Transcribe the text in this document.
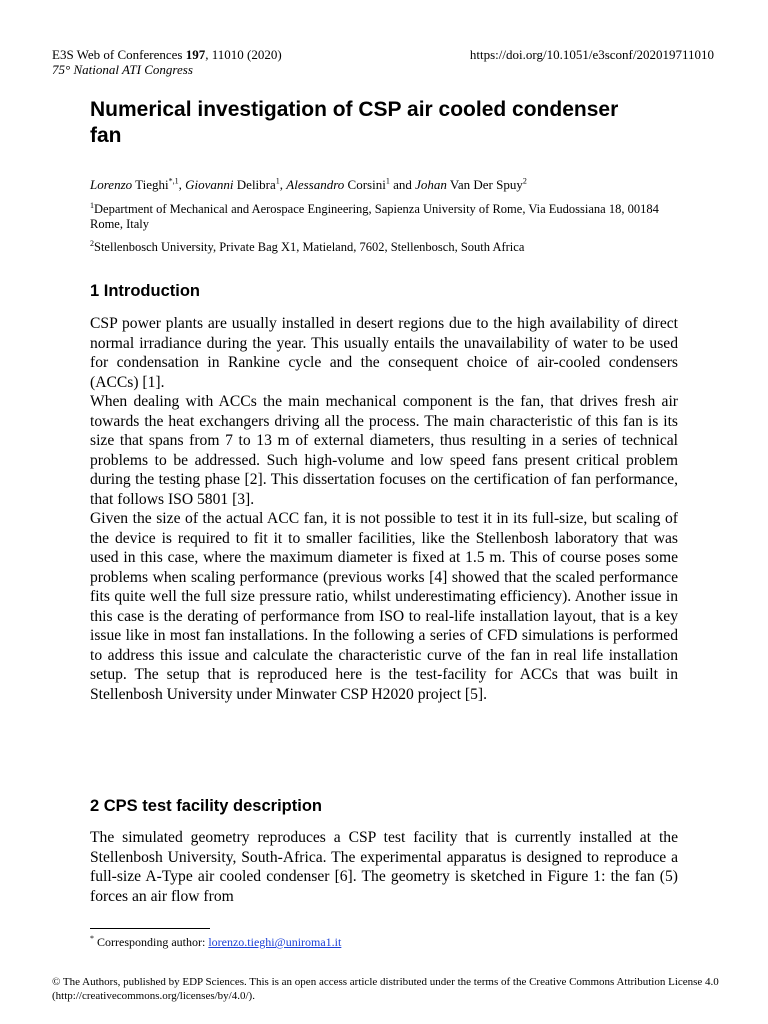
E3S Web of Conferences 197, 11010 (2020)
75° National ATI Congress
https://doi.org/10.1051/e3sconf/202019711010
Numerical investigation of CSP air cooled condenser fan
Lorenzo Tieghi$^{*,1}$, Giovanni Delibra$^1$, Alessandro Corsini$^1$ and Johan Van Der Spuy$^2$
$^1$Department of Mechanical and Aerospace Engineering, Sapienza University of Rome, Via Eudossiana 18, 00184 Rome, Italy
$^2$Stellenbosch University, Private Bag X1, Matieland, 7602, Stellenbosch, South Africa
1 Introduction

CSP power plants are usually installed in desert regions due to the high availability of direct normal irradiance during the year. This usually entails the unavailability of water to be used for condensation in Rankine cycle and the consequent choice of air-cooled condensers (ACCs) [1].

When dealing with ACCs the main mechanical component is the fan, that drives fresh air towards the heat exchangers driving all the process. The main characteristic of this fan is its size that spans from 7 to 13 m of external diameters, thus resulting in a series of technical problems to be addressed. Such high-volume and low speed fans present critical problem during the testing phase [2]. This dissertation focuses on the certification of fan performance, that follows ISO 5801 [3].

Given the size of the actual ACC fan, it is not possible to test it in its full-size, but scaling of the device is required to fit it to smaller facilities, like the Stellenbosh laboratory that was used in this case, where the maximum diameter is fixed at 1.5 m. This of course poses some problems when scaling performance (previous works [4] showed that the scaled performance fits quite well the full size pressure ratio, whilst underestimating efficiency). Another issue in this case is the derating of performance from ISO to real-life installation layout, that is a key issue like in most fan installations. In the following a series of CFD simulations is performed to address this issue and calculate the characteristic curve of the fan in real life installation setup. The setup that is reproduced here is the test-facility for ACCs that was built in Stellenbosh University under Minwater CSP H2020 project [5].

2 CPS test facility description

The simulated geometry reproduces a CSP test facility that is currently installed at the Stellenbosh University, South-Africa. The experimental apparatus is designed to reproduce a full-size A-Type air cooled condenser [6]. The geometry is sketched in Figure 1: the fan (5) forces an air flow from

* Corresponding author: lorenzo.tieghi@uniroma1.it
© The Authors, published by EDP Sciences. This is an open access article distributed under the terms of the Creative Commons Attribution License 4.0 (http://creativecommons.org/licenses/by/4.0/).
